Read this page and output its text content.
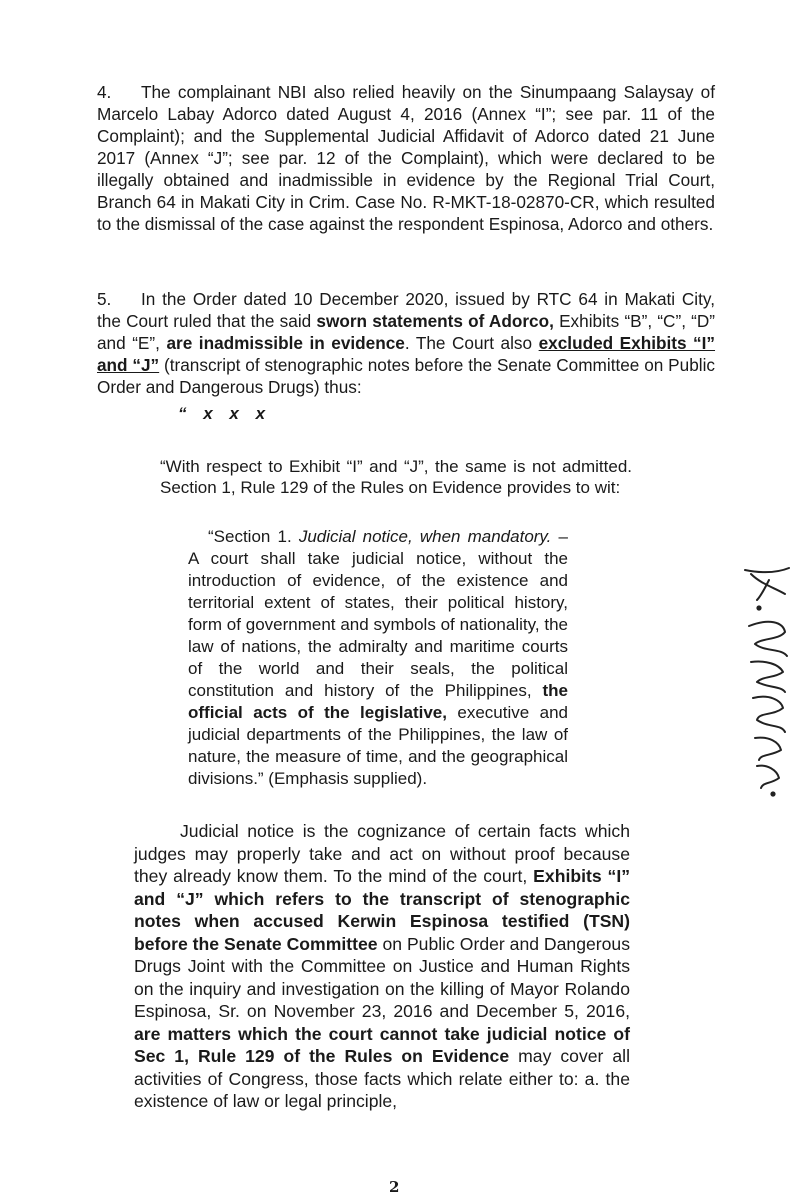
4. The complainant NBI also relied heavily on the Sinumpaang Salaysay of Marcelo Labay Adorco dated August 4, 2016 (Annex “I”; see par. 11 of the Complaint); and the Supplemental Judicial Affidavit of Adorco dated 21 June 2017 (Annex “J”; see par. 12 of the Complaint), which were declared to be illegally obtained and inadmissible in evidence by the Regional Trial Court, Branch 64 in Makati City in Crim. Case No. R-MKT-18-02870-CR, which resulted to the dismissal of the case against the respondent Espinosa, Adorco and others.

5. In the Order dated 10 December 2020, issued by RTC 64 in Makati City, the Court ruled that the said sworn statements of Adorco, Exhibits “B”, “C”, “D” and “E”, are inadmissible in evidence. The Court also excluded Exhibits “I” and “J” (transcript of stenographic notes before the Senate Committee on Public Order and Dangerous Drugs) thus:

“ x x x

“With respect to Exhibit “I” and “J”, the same is not admitted. Section 1, Rule 129 of the Rules on Evidence provides to wit:

“Section 1. Judicial notice, when mandatory. – A court shall take judicial notice, without the introduction of evidence, of the existence and territorial extent of states, their political history, form of government and symbols of nationality, the law of nations, the admiralty and maritime courts of the world and their seals, the political constitution and history of the Philippines, the official acts of the legislative, executive and judicial departments of the Philippines, the law of nature, the measure of time, and the geographical divisions.” (Emphasis supplied).

Judicial notice is the cognizance of certain facts which judges may properly take and act on without proof because they already know them. To the mind of the court, Exhibits “I” and “J” which refers to the transcript of stenographic notes when accused Kerwin Espinosa testified (TSN) before the Senate Committee on Public Order and Dangerous Drugs Joint with the Committee on Justice and Human Rights on the inquiry and investigation on the killing of Mayor Rolando Espinosa, Sr. on November 23, 2016 and December 5, 2016, are matters which the court cannot take judicial notice of Sec 1, Rule 129 of the Rules on Evidence may cover all activities of Congress, those facts which relate either to: a. the existence of law or legal principle,

2
